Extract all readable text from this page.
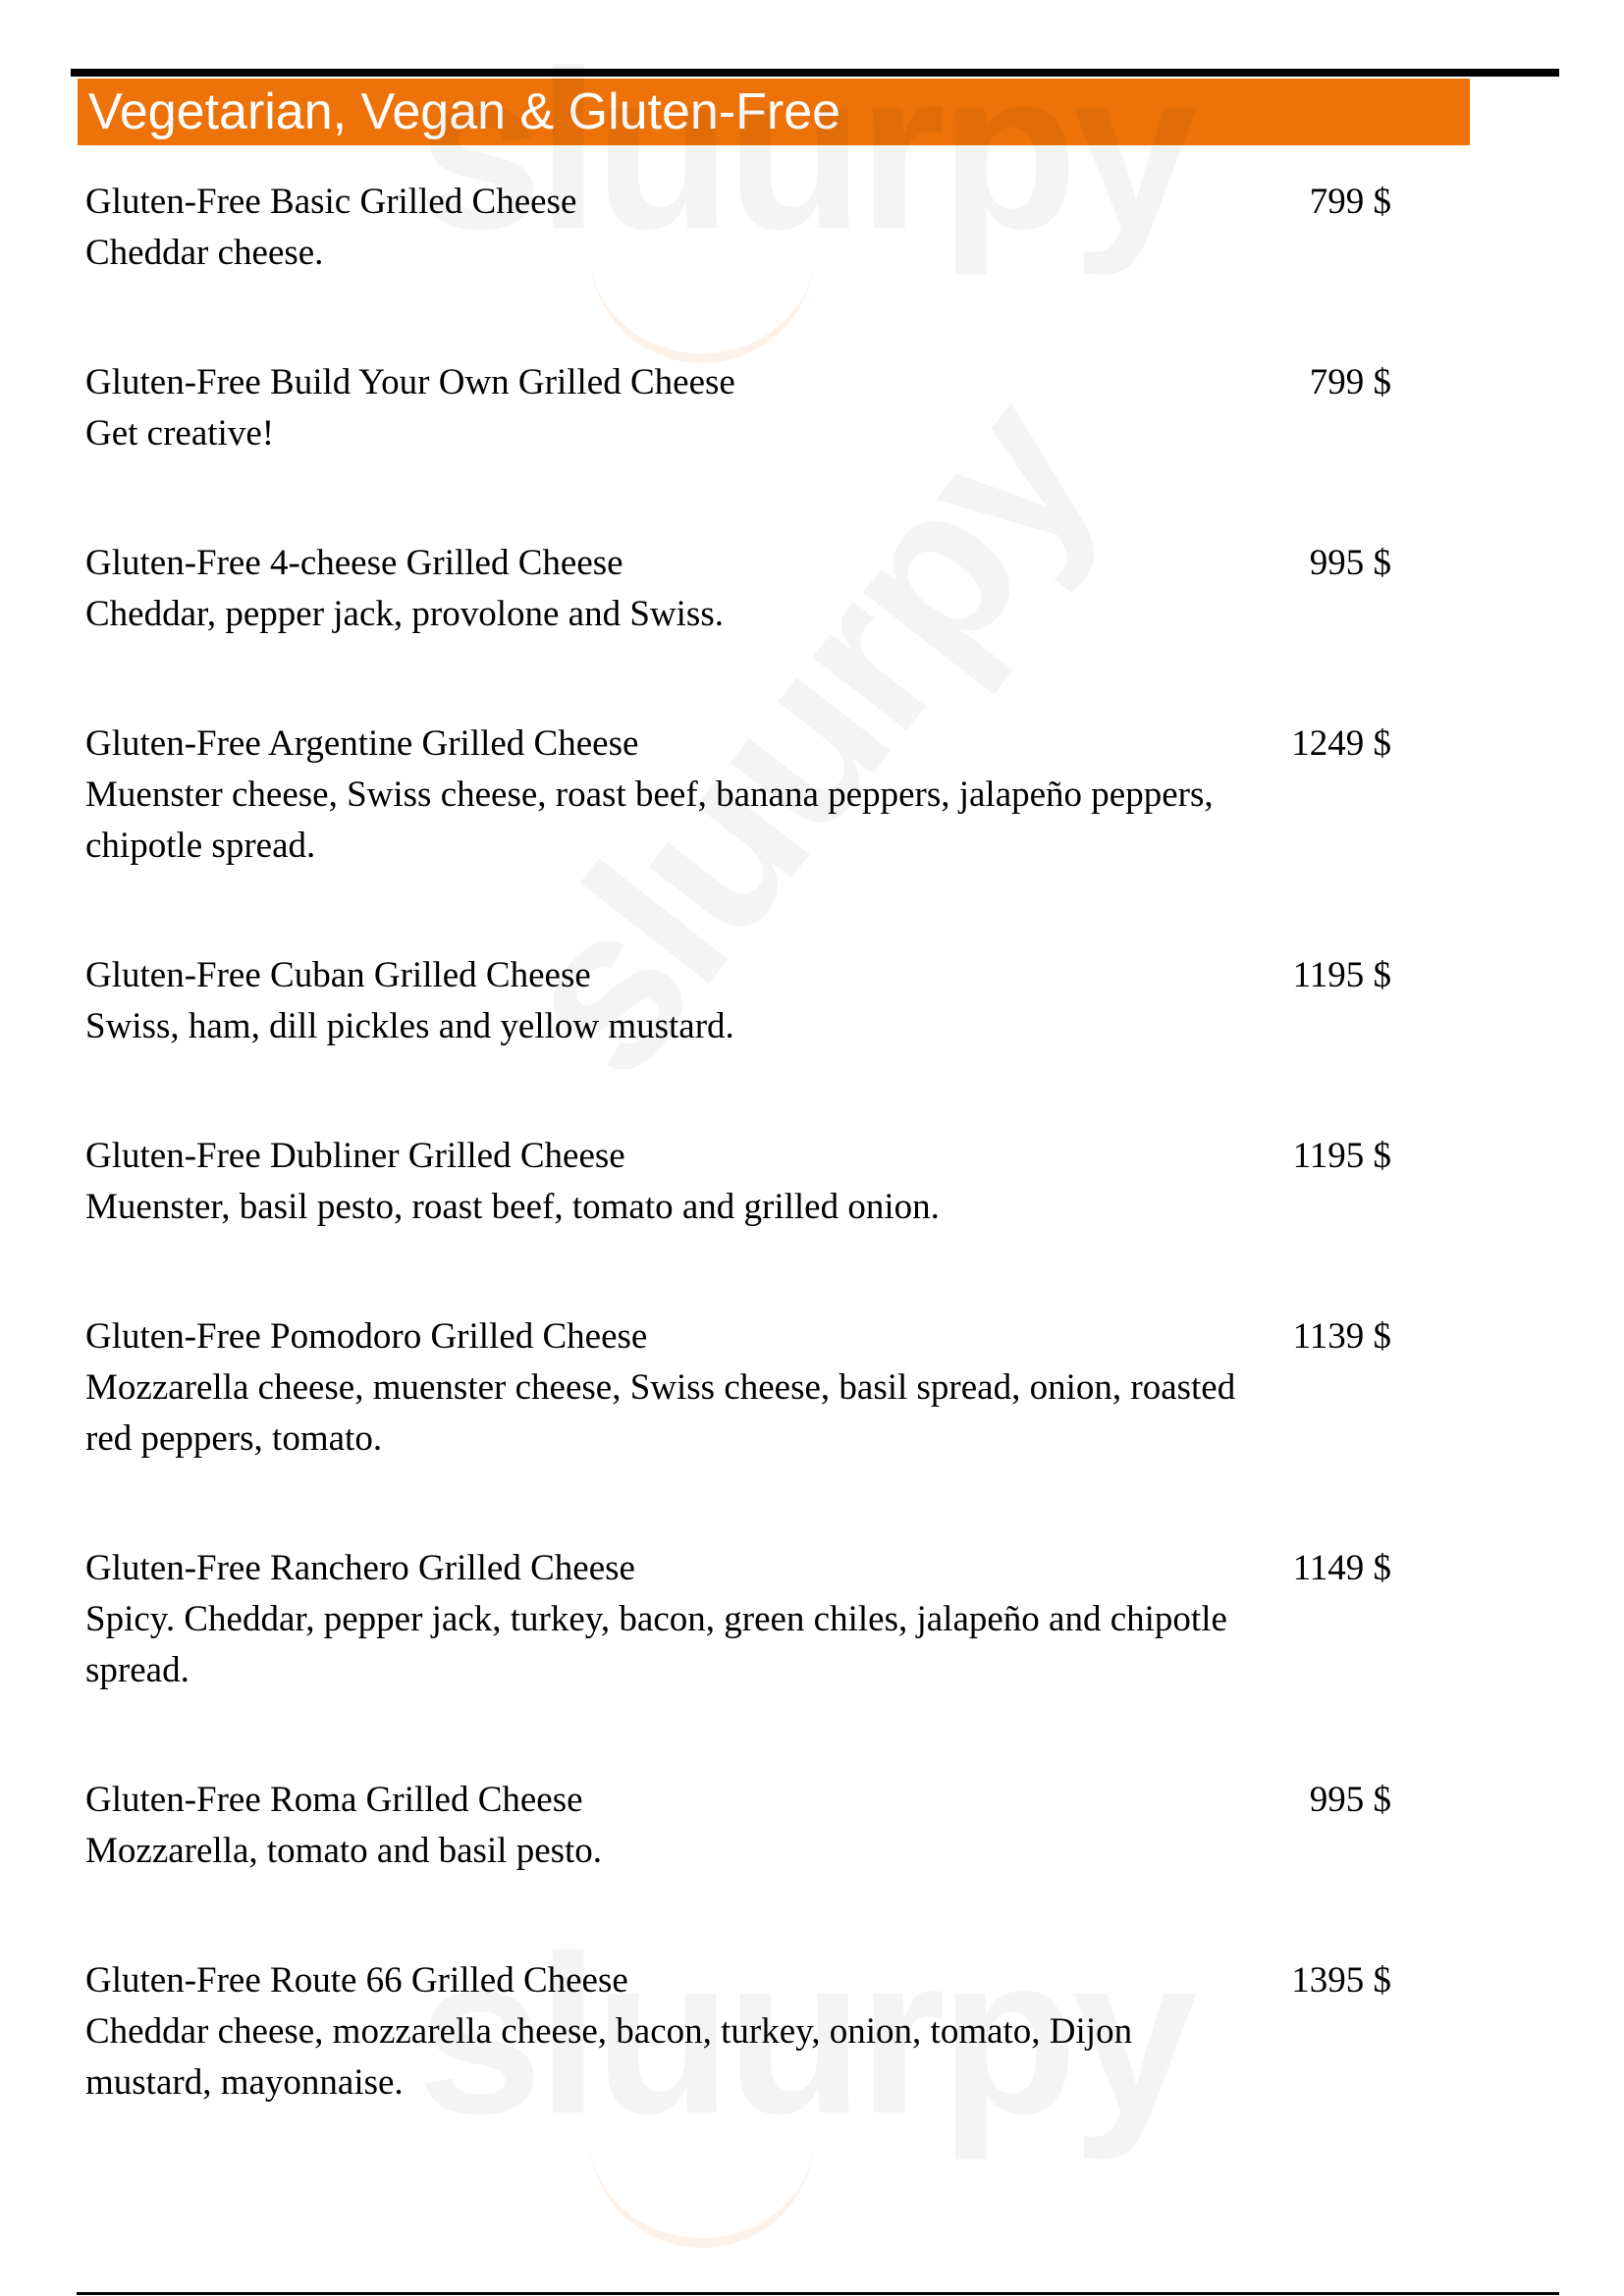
Vegetarian, Vegan & Gluten-Free
Gluten-Free Basic Grilled Cheese
Cheddar cheese.
799 $
Gluten-Free Build Your Own Grilled Cheese
Get creative!
799 $
Gluten-Free 4-cheese Grilled Cheese
Cheddar, pepper jack, provolone and Swiss.
995 $
Gluten-Free Argentine Grilled Cheese
Muenster cheese, Swiss cheese, roast beef, banana peppers, jalapeño peppers, chipotle spread.
1249 $
Gluten-Free Cuban Grilled Cheese
Swiss, ham, dill pickles and yellow mustard.
1195 $
Gluten-Free Dubliner Grilled Cheese
Muenster, basil pesto, roast beef, tomato and grilled onion.
1195 $
Gluten-Free Pomodoro Grilled Cheese
Mozzarella cheese, muenster cheese, Swiss cheese, basil spread, onion, roasted red peppers, tomato.
1139 $
Gluten-Free Ranchero Grilled Cheese
Spicy. Cheddar, pepper jack, turkey, bacon, green chiles, jalapeño and chipotle spread.
1149 $
Gluten-Free Roma Grilled Cheese
Mozzarella, tomato and basil pesto.
995 $
Gluten-Free Route 66 Grilled Cheese
Cheddar cheese, mozzarella cheese, bacon, turkey, onion, tomato, Dijon mustard, mayonnaise.
1395 $
